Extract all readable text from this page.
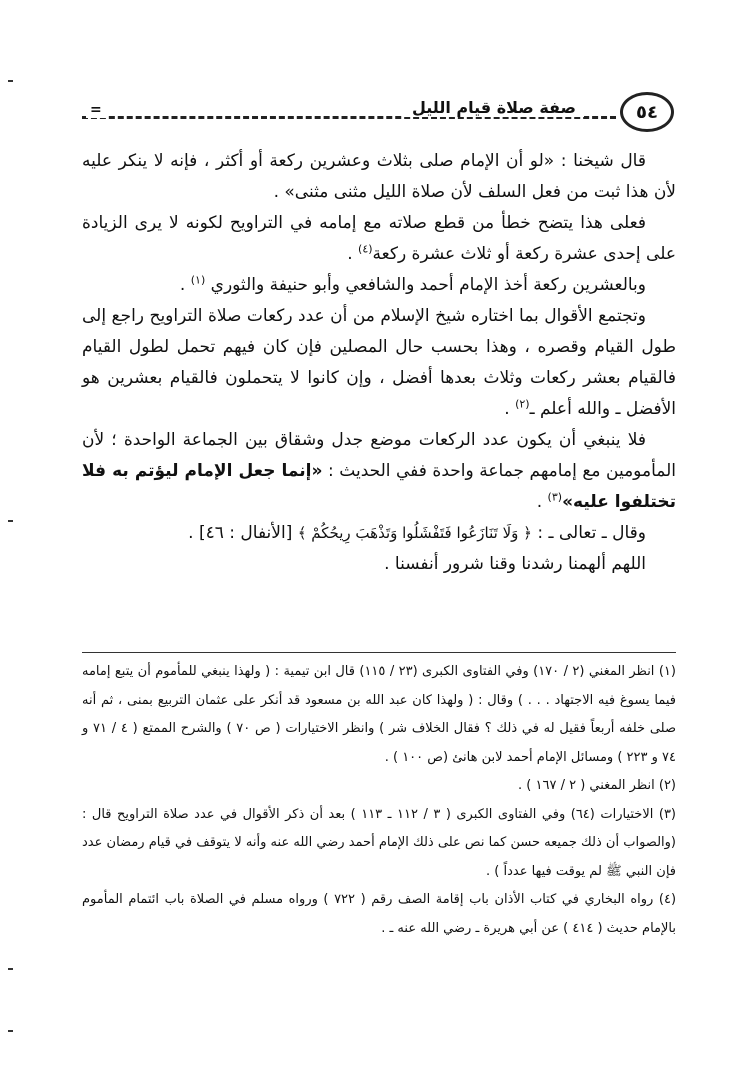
=	صفة صلاة قيام الليل	٥٤

قال شيخنا : «لو أن الإمام صلى بثلاث وعشرين ركعة أو أكثر ، فإنه لا ينكر عليه لأن هذا ثبت من فعل السلف لأن صلاة الليل مثنى مثنى» .

فعلى هذا يتضح خطأ من قطع صلاته مع إمامه في التراويح لكونه لا يرى الزيادة على إحدى عشرة ركعة أو ثلاث عشرة ركعة$^{(٤)}$ .

وبالعشرين ركعة أخذ الإمام أحمد والشافعي وأبو حنيفة والثوري $^{(١)}$ .

وتجتمع الأقوال بما اختاره شيخ الإسلام من أن عدد ركعات صلاة التراويح راجع إلى طول القيام وقصره ، وهذا بحسب حال المصلين فإن كان فيهم تحمل لطول القيام فالقيام بعشر ركعات وثلاث بعدها أفضل ، وإن كانوا لا يتحملون فالقيام بعشرين هو الأفضل ـ والله أعلم ـ$^{(٢)}$ .

فلا ينبغي أن يكون عدد الركعات موضع جدل وشقاق بين الجماعة الواحدة ؛ لأن المأمومين مع إمامهم جماعة واحدة ففي الحديث : «إنما جعل الإمام ليؤتم به فلا تختلفوا عليه»$^{(٣)}$ .

وقال ـ تعالى ـ : ﴿ وَلَا تَنَازَعُوا فَتَفْشَلُوا وَتَذْهَبَ رِيحُكُمْ ﴾ [الأنفال : ٤٦] .

اللهم ألهمنا رشدنا وقنا شرور أنفسنا .

(١) انظر المغني (٢ / ١٧٠) وفي الفتاوى الكبرى (٢٣ / ١١٥) قال ابن تيمية : ( ولهذا ينبغي للمأموم أن يتبع إمامه فيما يسوغ فيه الاجتهاد . . . ) وقال : ( ولهذا كان عبد الله بن مسعود قد أنكر على عثمان التربيع بمنى ، ثم أنه صلى خلفه أربعاً فقيل له في ذلك ؟ فقال الخلاف شر ) وانظر الاختيارات ( ص ٧٠ ) والشرح الممتع ( ٤ / ٧١ و ٧٤ و ٢٢٣ ) ومسائل الإمام أحمد لابن هانئ (ص ١٠٠ ) .

(٢) انظر المغني ( ٢ / ١٦٧ ) .

(٣) الاختيارات (٦٤) وفي الفتاوى الكبرى ( ٣ / ١١٢ ـ ١١٣ ) بعد أن ذكر الأقوال في عدد صلاة التراويح قال : (والصواب أن ذلك جميعه حسن كما نص على ذلك الإمام أحمد رضي الله عنه وأنه لا يتوقف في قيام رمضان عدد فإن النبي ﷺ لم يوقت فيها عدداً ) .

(٤) رواه البخاري في كتاب الأذان باب إقامة الصف رقم ( ٧٢٢ ) ورواه مسلم في الصلاة باب ائتمام المأموم بالإمام حديث ( ٤١٤ ) عن أبي هريرة ـ رضي الله عنه ـ .
